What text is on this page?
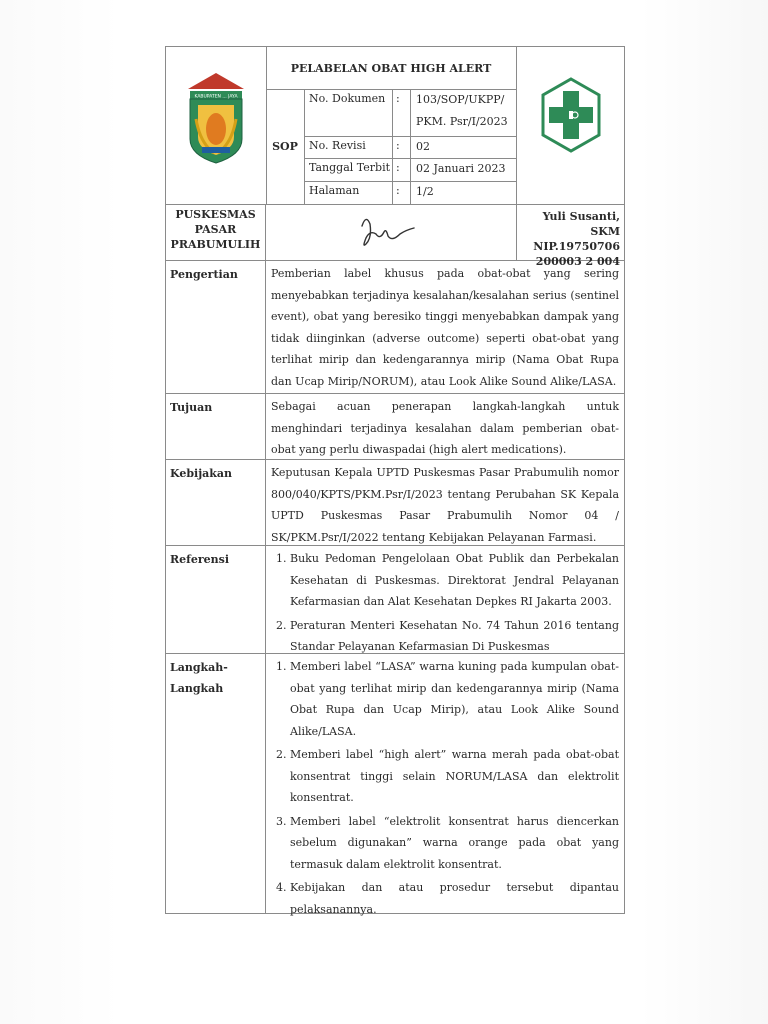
KABUPATEN ... JAYA
PELABELAN OBAT HIGH ALERT
SOP
No. Dokumen : 103/SOP/UKPP/ PKM. Psr/I/2023
No. Revisi	: 02
Tanggal Terbit : 02 Januari 2023
Halaman	: 1/2
PUSKESMAS
PASAR
PRABUMULIH
Yuli Susanti, SKM
NIP.19750706
200003 2 004
Pengertian	Pemberian label khusus pada obat-obat yang sering menyebabkan terjadinya kesalahan/kesalahan serius (sentinel event), obat yang beresiko tinggi menyebabkan dampak yang tidak diinginkan (adverse outcome) seperti obat-obat yang terlihat mirip dan kedengarannya mirip (Nama Obat Rupa dan Ucap Mirip/NORUM), atau Look Alike Sound Alike/LASA.
Tujuan	Sebagai acuan penerapan langkah-langkah untuk menghindari terjadinya kesalahan dalam pemberian obat-obat yang perlu diwaspadai (high alert medications).
Kebijakan	Keputusan Kepala UPTD Puskesmas Pasar Prabumulih nomor 800/040/KPTS/PKM.Psr/I/2023 tentang Perubahan SK Kepala UPTD Puskesmas Pasar Prabumulih Nomor 04 / SK/PKM.Psr/I/2022 tentang Kebijakan Pelayanan Farmasi.
Referensi
1.	Buku Pedoman Pengelolaan Obat Publik dan Perbekalan Kesehatan di Puskesmas. Direktorat Jendral Pelayanan Kefarmasian dan Alat Kesehatan Depkes RI Jakarta 2003.
2. Peraturan Menteri Kesehatan No. 74 Tahun 2016 tentang Standar Pelayanan Kefarmasian Di Puskesmas
Langkah-
Langkah
1. Memberi label “LASA” warna kuning pada kumpulan obat-obat yang terlihat mirip dan kedengarannya mirip (Nama Obat Rupa dan Ucap Mirip), atau Look Alike Sound Alike/LASA.
2. Memberi label “high alert” warna merah pada obat-obat konsentrat tinggi selain NORUM/LASA dan elektrolit konsentrat.
3. Memberi label “elektrolit konsentrat harus diencerkan sebelum digunakan” warna orange pada obat yang termasuk dalam elektrolit konsentrat.
4. Kebijakan dan atau prosedur tersebut dipantau pelaksanannya.
